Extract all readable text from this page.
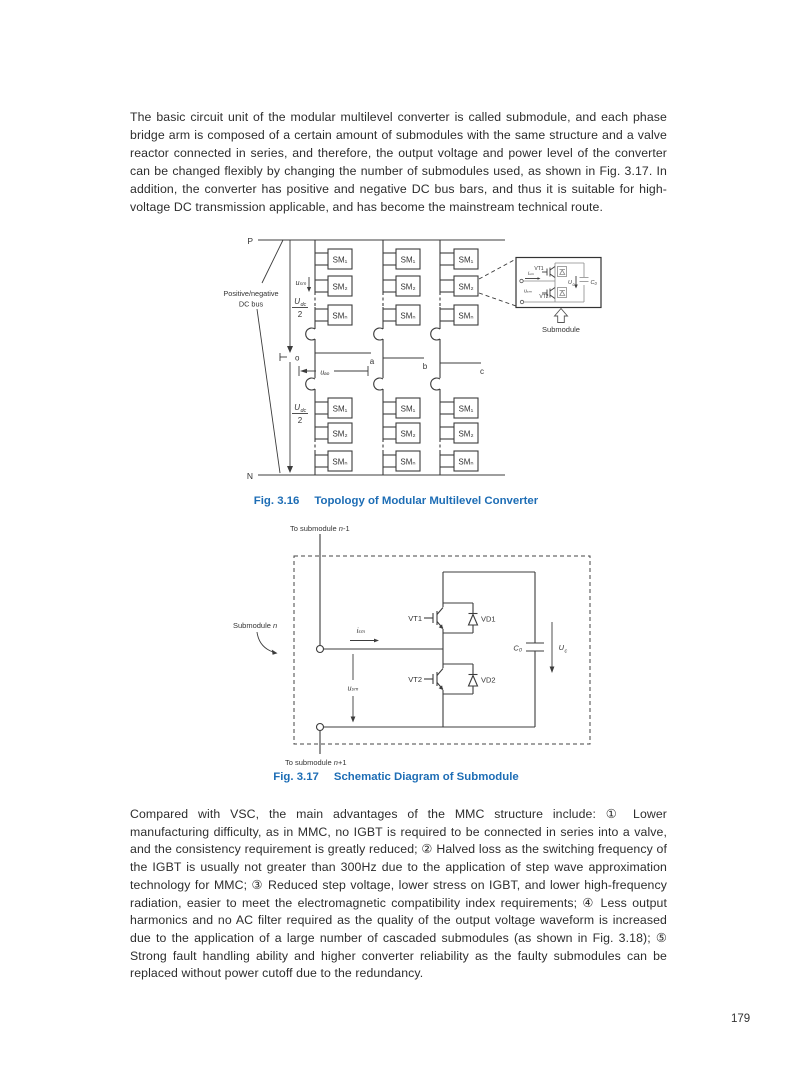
The basic circuit unit of the modular multilevel converter is called submodule, and each phase bridge arm is composed of a certain amount of submodules with the same structure and a valve reactor connected in series, and therefore, the output voltage and power level of the converter can be changed flexibly by changing the number of submodules used, as shown in Fig. 3.17. In addition, the converter has positive and negative DC bus bars, and thus it is suitable for high-voltage DC transmission applicable, and has become the mainstream technical route.

P
N
Positive/negative
DC bus
o
uₛₘ
U dc
2
U dc
2
uₐₒ
a
SM₁
SM₂
SMₙ
SM₁
SM₂
SMₙ
b
SM₁
SM₂
SMₙ
SM₁
SM₂
SMₙ
c
SM₁
SM₂
SMₙ
SM₁
SM₂
SMₙ
VT1
VT2
iₛₘ
uₛₘ
U c	C₀
Submodule
Fig. 3.16 Topology of Modular Multilevel Converter
To submodule n-1
Submodule n
iₛₘ
uₛₘ
VT1	VD1
VT2	VD2
C₀	U c
To submodule n+1
Fig. 3.17 Schematic Diagram of Submodule

Compared with VSC, the main advantages of the MMC structure include: ① Lower manufacturing difficulty, as in MMC, no IGBT is required to be connected in series into a valve, and the consistency requirement is greatly reduced; ② Halved loss as the switching frequency of the IGBT is usually not greater than 300Hz due to the application of step wave approximation technology for MMC; ③ Reduced step voltage, lower stress on IGBT, and lower high-frequency radiation, easier to meet the electromagnetic compatibility index requirements; ④ Less output harmonics and no AC filter required as the quality of the output voltage waveform is increased due to the application of a large number of cascaded submodules (as shown in Fig. 3.18); ⑤ Strong fault handling ability and higher converter reliability as the faulty submodules can be replaced without power cutoff due to the redundancy.

179
